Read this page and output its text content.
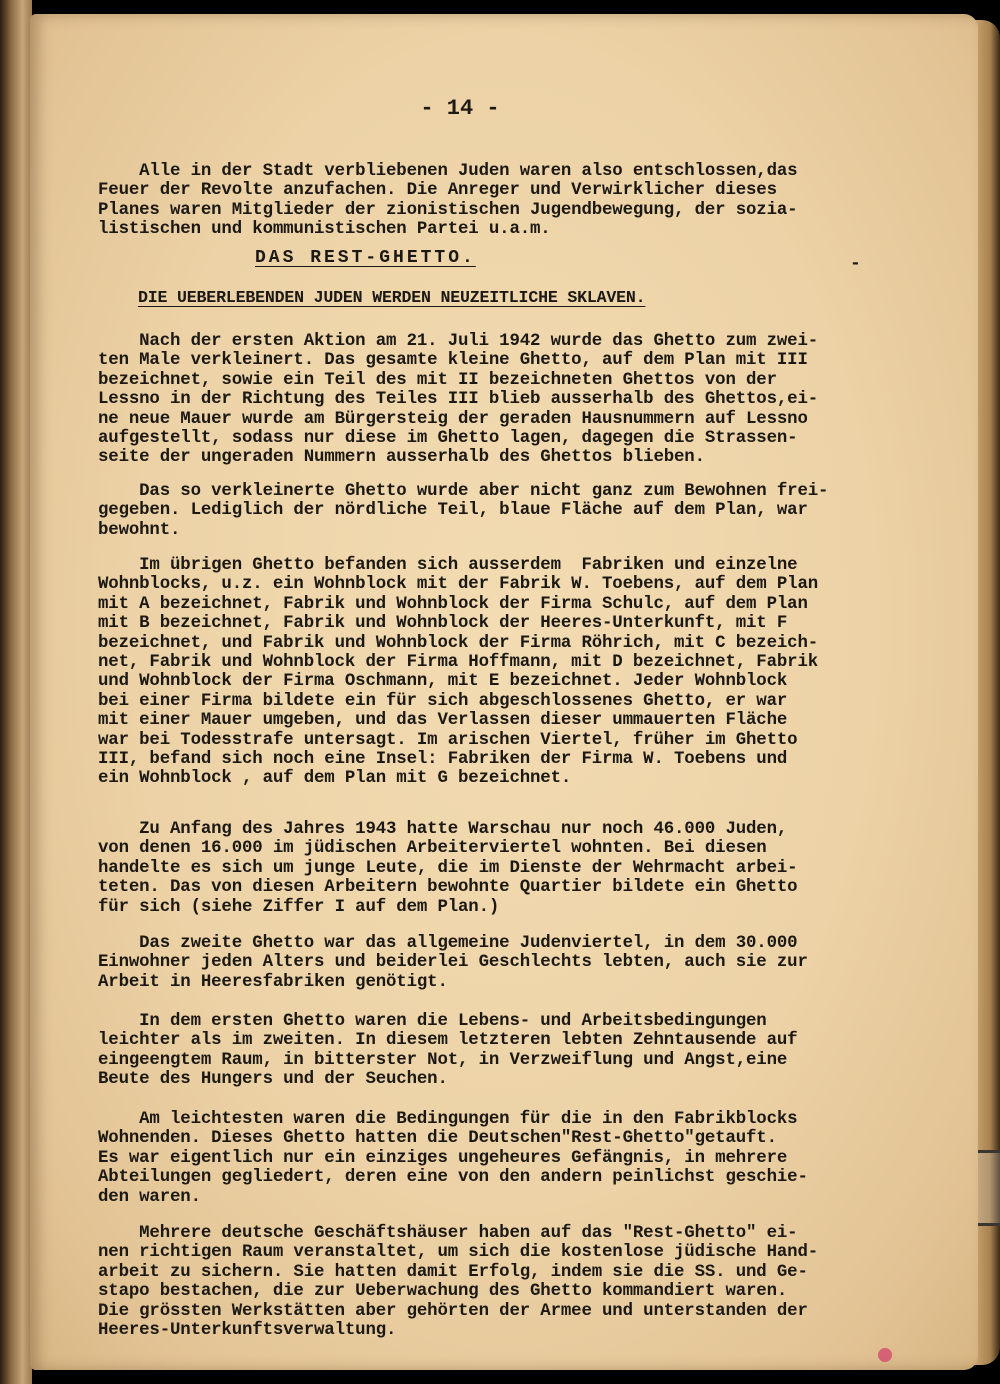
- 14 -

Alle in der Stadt verbliebenen Juden waren also entschlossen,das
Feuer der Revolte anzufachen. Die Anreger und Verwirklicher dieses
Planes waren Mitglieder der zionistischen Jugendbewegung, der sozia-
listischen und kommunistischen Partei u.a.m.

DAS REST-GHETTO.	-

DIE UEBERLEBENDEN JUDEN WERDEN NEUZEITLICHE SKLAVEN.

Nach der ersten Aktion am 21. Juli 1942 wurde das Ghetto zum zwei-
ten Male verkleinert. Das gesamte kleine Ghetto, auf dem Plan mit III
bezeichnet, sowie ein Teil des mit II bezeichneten Ghettos von der
Lessno in der Richtung des Teiles III blieb ausserhalb des Ghettos,ei-
ne neue Mauer wurde am Bürgersteig der geraden Hausnummern auf Lessno
aufgestellt, sodass nur diese im Ghetto lagen, dagegen die Strassen-
seite der ungeraden Nummern ausserhalb des Ghettos blieben.

Das so verkleinerte Ghetto wurde aber nicht ganz zum Bewohnen frei-
gegeben. Lediglich der nördliche Teil, blaue Fläche auf dem Plan, war
bewohnt.

Im übrigen Ghetto befanden sich ausserdem  Fabriken und einzelne
Wohnblocks, u.z. ein Wohnblock mit der Fabrik W. Toebens, auf dem Plan
mit A bezeichnet, Fabrik und Wohnblock der Firma Schulc, auf dem Plan
mit B bezeichnet, Fabrik und Wohnblock der Heeres-Unterkunft, mit F
bezeichnet, und Fabrik und Wohnblock der Firma Röhrich, mit C bezeich-
net, Fabrik und Wohnblock der Firma Hoffmann, mit D bezeichnet, Fabrik
und Wohnblock der Firma Oschmann, mit E bezeichnet. Jeder Wohnblock
bei einer Firma bildete ein für sich abgeschlossenes Ghetto, er war
mit einer Mauer umgeben, und das Verlassen dieser ummauerten Fläche
war bei Todesstrafe untersagt. Im arischen Viertel, früher im Ghetto
III, befand sich noch eine Insel: Fabriken der Firma W. Toebens und
ein Wohnblock , auf dem Plan mit G bezeichnet.

Zu Anfang des Jahres 1943 hatte Warschau nur noch 46.000 Juden,
von denen 16.000 im jüdischen Arbeiterviertel wohnten. Bei diesen
handelte es sich um junge Leute, die im Dienste der Wehrmacht arbei-
teten. Das von diesen Arbeitern bewohnte Quartier bildete ein Ghetto
für sich (siehe Ziffer I auf dem Plan.)

Das zweite Ghetto war das allgemeine Judenviertel, in dem 30.000
Einwohner jeden Alters und beiderlei Geschlechts lebten, auch sie zur
Arbeit in Heeresfabriken genötigt.

In dem ersten Ghetto waren die Lebens- und Arbeitsbedingungen
leichter als im zweiten. In diesem letzteren lebten Zehntausende auf
eingeengtem Raum, in bitterster Not, in Verzweiflung und Angst,eine
Beute des Hungers und der Seuchen.

Am leichtesten waren die Bedingungen für die in den Fabrikblocks
Wohnenden. Dieses Ghetto hatten die Deutschen"Rest-Ghetto"getauft.
Es war eigentlich nur ein einziges ungeheures Gefängnis, in mehrere
Abteilungen gegliedert, deren eine von den andern peinlichst geschie-
den waren.

Mehrere deutsche Geschäftshäuser haben auf das "Rest-Ghetto" ei-
nen richtigen Raum veranstaltet, um sich die kostenlose jüdische Hand-
arbeit zu sichern. Sie hatten damit Erfolg, indem sie die SS. und Ge-
stapo bestachen, die zur Ueberwachung des Ghetto kommandiert waren.
Die grössten Werkstätten aber gehörten der Armee und unterstanden der
Heeres-Unterkunftsverwaltung.
